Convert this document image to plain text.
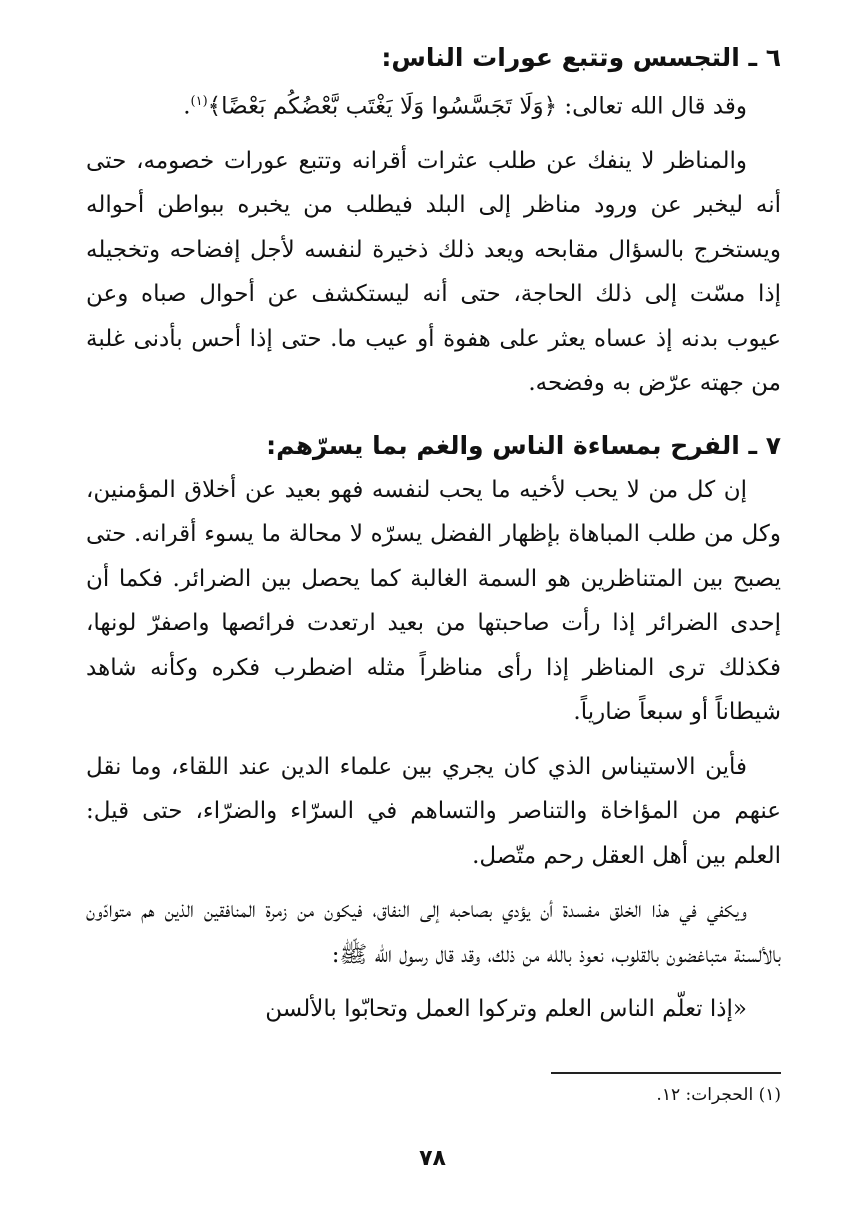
٦ ـ التجسس وتتبع عورات الناس:

وقد قال الله تعالى: ﴿وَلَا تَجَسَّسُوا وَلَا يَغْتَب بَّعْضُكُم بَعْضًا﴾$^{(١)}$.

والمناظر لا ينفك عن طلب عثرات أقرانه وتتبع عورات خصومه، حتى أنه ليخبر عن ورود مناظر إلى البلد فيطلب من يخبره ببواطن أحواله ويستخرج بالسؤال مقابحه ويعد ذلك ذخيرة لنفسه لأجل إفضاحه وتخجيله إذا مسّت إلى ذلك الحاجة، حتى أنه ليستكشف عن أحوال صباه وعن عيوب بدنه إذ عساه يعثر على هفوة أو عيب ما. حتى إذا أحس بأدنى غلبة من جهته عرّض به وفضحه.

٧ ـ الفرح بمساءة الناس والغم بما يسرّهم:

إن كل من لا يحب لأخيه ما يحب لنفسه فهو بعيد عن أخلاق المؤمنين، وكل من طلب المباهاة بإظهار الفضل يسرّه لا محالة ما يسوء أقرانه. حتى يصبح بين المتناظرين هو السمة الغالبة كما يحصل بين الضرائر. فكما أن إحدى الضرائر إذا رأت صاحبتها من بعيد ارتعدت فرائصها واصفرّ لونها، فكذلك ترى المناظر إذا رأى مناظراً مثله اضطرب فكره وكأنه شاهد شيطاناً أو سبعاً ضارياً.

فأين الاستيناس الذي كان يجري بين علماء الدين عند اللقاء، وما نقل عنهم من المؤاخاة والتناصر والتساهم في السرّاء والضرّاء، حتى قيل: العلم بين أهل العقل رحم متّصل.

ويكفي في هذا الخلق مفسدة أن يؤدي بصاحبه إلى النفاق، فيكون من زمرة المنافقين الذين هم متوادّون بالألسنة متباغضون بالقلوب، نعوذ بالله من ذلك، وقد قال رسول الله ﷺ:

«إذا تعلّم الناس العلم وتركوا العمل وتحابّوا بالألسن

(١) الحجرات: ١٢.
٧٨
